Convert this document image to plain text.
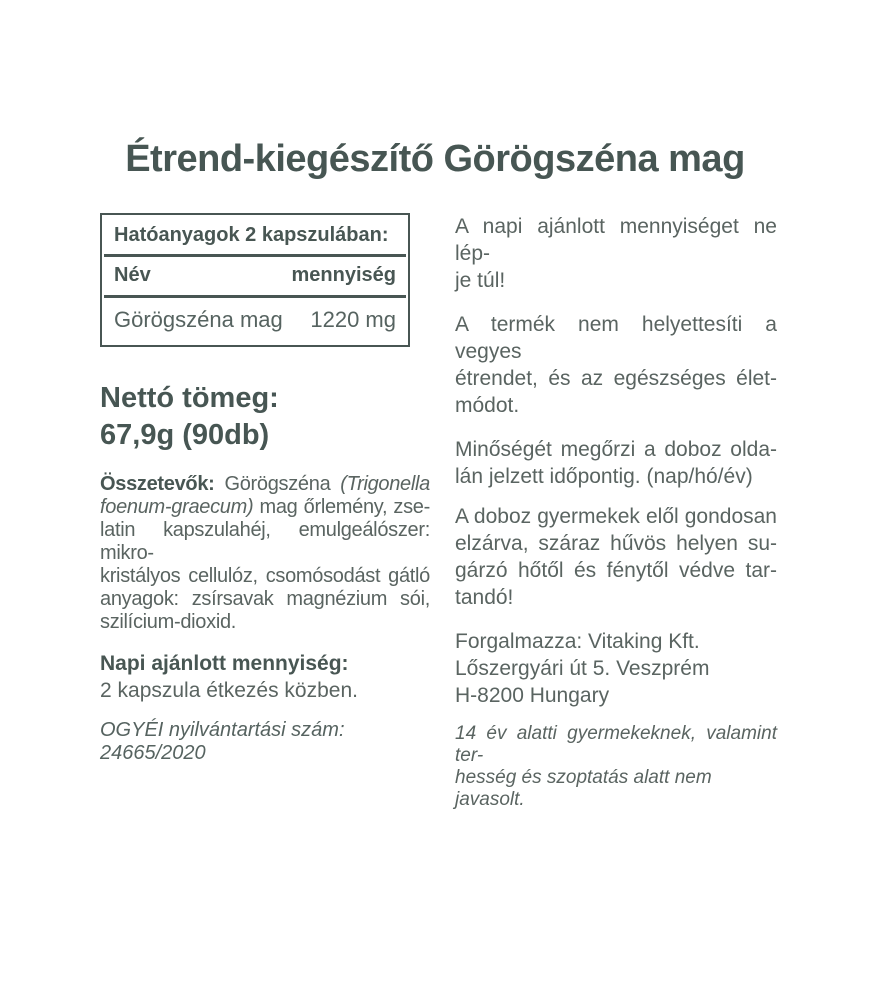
Étrend-kiegészítő Görögszéna mag
Hatóanyagok 2 kapszulában:
Név	mennyiség
Görögszéna mag 1220 mg
Nettó tömeg:
67,9g (90db)
Összetevők: Görögszéna (Trigonella
foenum-graecum) mag őrlemény, zse-
latin kapszulahéj, emulgeálószer: mikro-
kristályos cellulóz, csomósodást gátló
anyagok: zsírsavak magnézium sói,
szilícium-dioxid.
Napi ajánlott mennyiség:
2 kapszula étkezés közben.
OGYÉI nyilvántartási szám: 24665/2020
A napi ajánlott mennyiséget ne lép-
je túl!
A termék nem helyettesíti a vegyes
étrendet, és az egészséges élet-
módot.
Minőségét megőrzi a doboz olda-
lán jelzett időpontig. (nap/hó/év)
A doboz gyermekek elől gondosan
elzárva, száraz hűvös helyen su-
gárzó hőtől és fénytől védve tar-
tandó!
Forgalmazza: Vitaking Kft.
Lőszergyári út 5. Veszprém
H-8200 Hungary
14 év alatti gyermekeknek, valamint ter-
hesség és szoptatás alatt nem javasolt.
